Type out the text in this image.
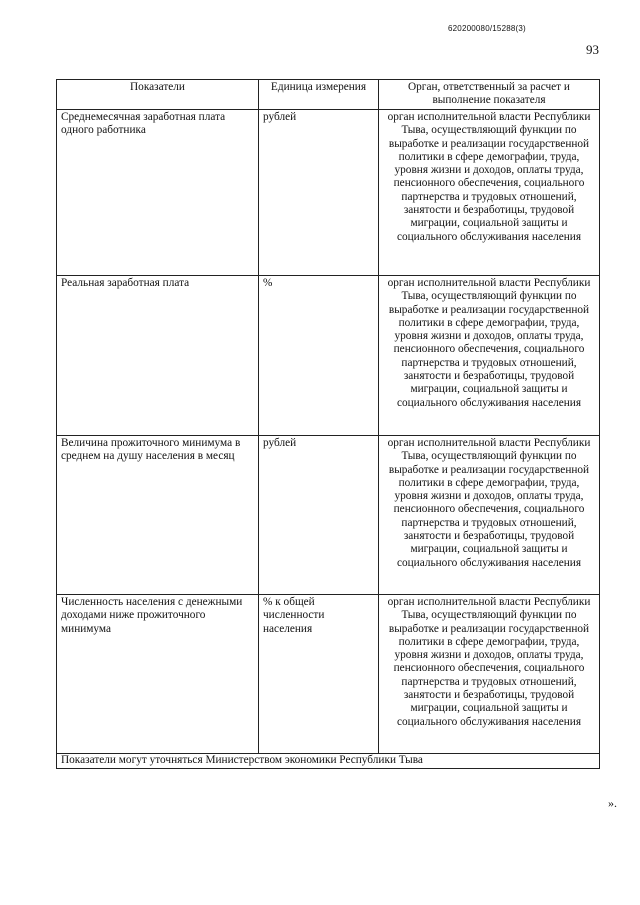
620200080/15288(3)
93
Показатели	Единица измерения	Орган, ответственный за расчет и выполнение показателя
Среднемесячная заработная плата одного работника	рублей	орган исполнительной власти Республики Тыва, осуществляющий функции по выработке и реализации государственной политики в сфере демографии, труда, уровня жизни и доходов, оплаты труда, пенсионного обеспечения, социального партнерства и трудовых отношений, занятости и безработицы, трудовой миграции, социальной защиты и социального обслуживания населения
Реальная заработная плата	%	орган исполнительной власти Республики Тыва, осуществляющий функции по выработке и реализации государственной политики в сфере демографии, труда, уровня жизни и доходов, оплаты труда, пенсионного обеспечения, социального партнерства и трудовых отношений, занятости и безработицы, трудовой миграции, социальной защиты и социального обслуживания населения
Величина прожиточного минимума в среднем на душу населения в месяц	рублей	орган исполнительной власти Республики Тыва, осуществляющий функции по выработке и реализации государственной политики в сфере демографии, труда, уровня жизни и доходов, оплаты труда, пенсионного обеспечения, социального партнерства и трудовых отношений, занятости и безработицы, трудовой миграции, социальной защиты и социального обслуживания населения
Численность населения с денежными доходами ниже прожиточного минимума	% к общей численности населения	орган исполнительной власти Республики Тыва, осуществляющий функции по выработке и реализации государственной политики в сфере демографии, труда, уровня жизни и доходов, оплаты труда, пенсионного обеспечения, социального партнерства и трудовых отношений, занятости и безработицы, трудовой миграции, социальной защиты и социального обслуживания населения
Показатели могут уточняться Министерством экономики Республики Тыва		
».
